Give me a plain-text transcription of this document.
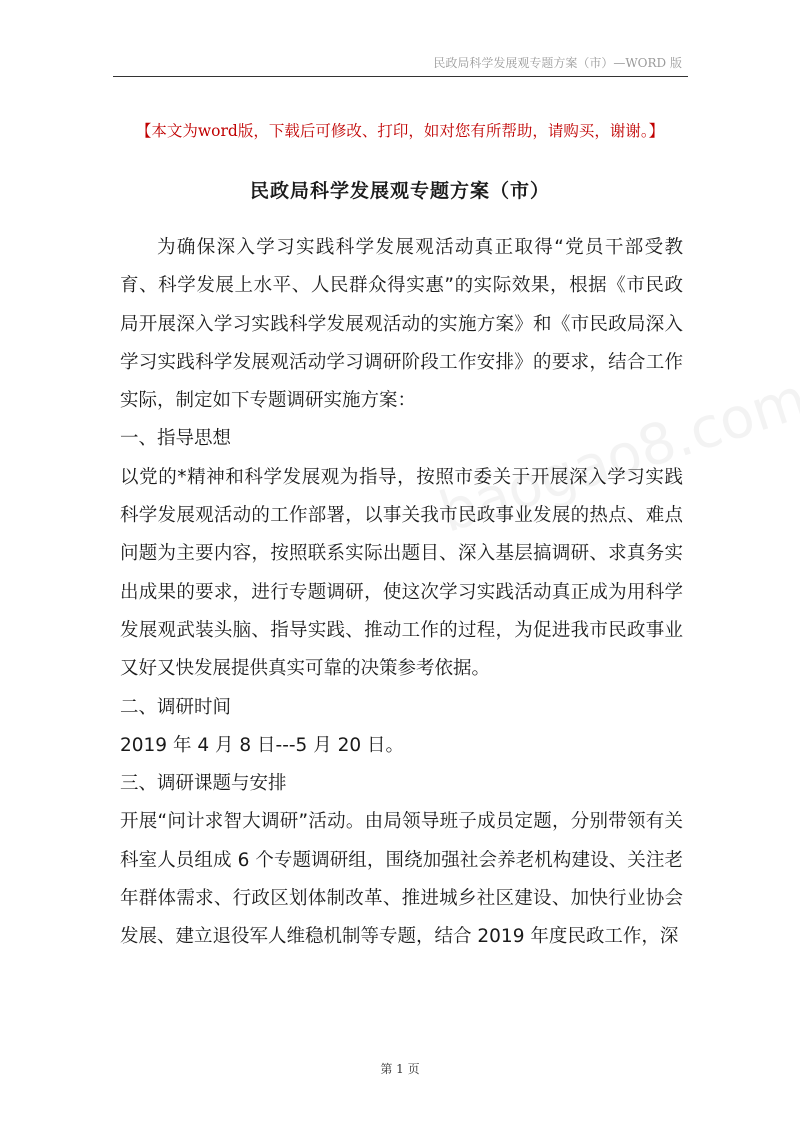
民政局科学发展观专题方案（市）—WORD 版
【本文为word版，下载后可修改、打印，如对您有所帮助，请购买，谢谢。】
民政局科学发展观专题方案（市）

为确保深入学习实践科学发展观活动真正取得“党员干部受教育、科学发展上水平、人民群众得实惠”的实际效果，根据《市民政局开展深入学习实践科学发展观活动的实施方案》和《市民政局深入学习实践科学发展观活动学习调研阶段工作安排》的要求，结合工作实际，制定如下专题调研实施方案：

一、指导思想

以党的*精神和科学发展观为指导，按照市委关于开展深入学习实践科学发展观活动的工作部署，以事关我市民政事业发展的热点、难点问题为主要内容，按照联系实际出题目、深入基层搞调研、求真务实出成果的要求，进行专题调研，使这次学习实践活动真正成为用科学发展观武装头脑、指导实践、推动工作的过程，为促进我市民政事业又好又快发展提供真实可靠的决策参考依据。

二、调研时间

2019 年 4 月 8 日---5 月 20 日。

三、调研课题与安排

开展“问计求智大调研”活动。由局领导班子成员定题，分别带领有关科室人员组成 6 个专题调研组，围绕加强社会养老机构建设、关注老年群体需求、行政区划体制改革、推进城乡社区建设、加快行业协会发展、建立退役军人维稳机制等专题，结合 2019 年度民政工作，深

第 1 页
